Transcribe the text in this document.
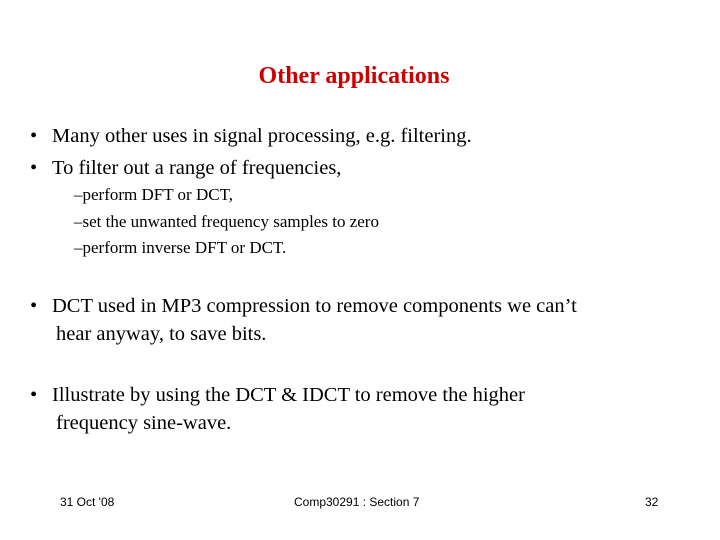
Other applications
• Many other uses in signal processing, e.g. filtering.
• To filter out a range of frequencies,
–perform DFT or DCT,
–set the unwanted frequency samples to zero
–perform inverse DFT or DCT.
• DCT used in MP3 compression to remove components we can’t
hear anyway, to save bits.
• Illustrate by using the DCT & IDCT to remove the higher
frequency sine-wave.
31 Oct '08	Comp30291 : Section 7	32
